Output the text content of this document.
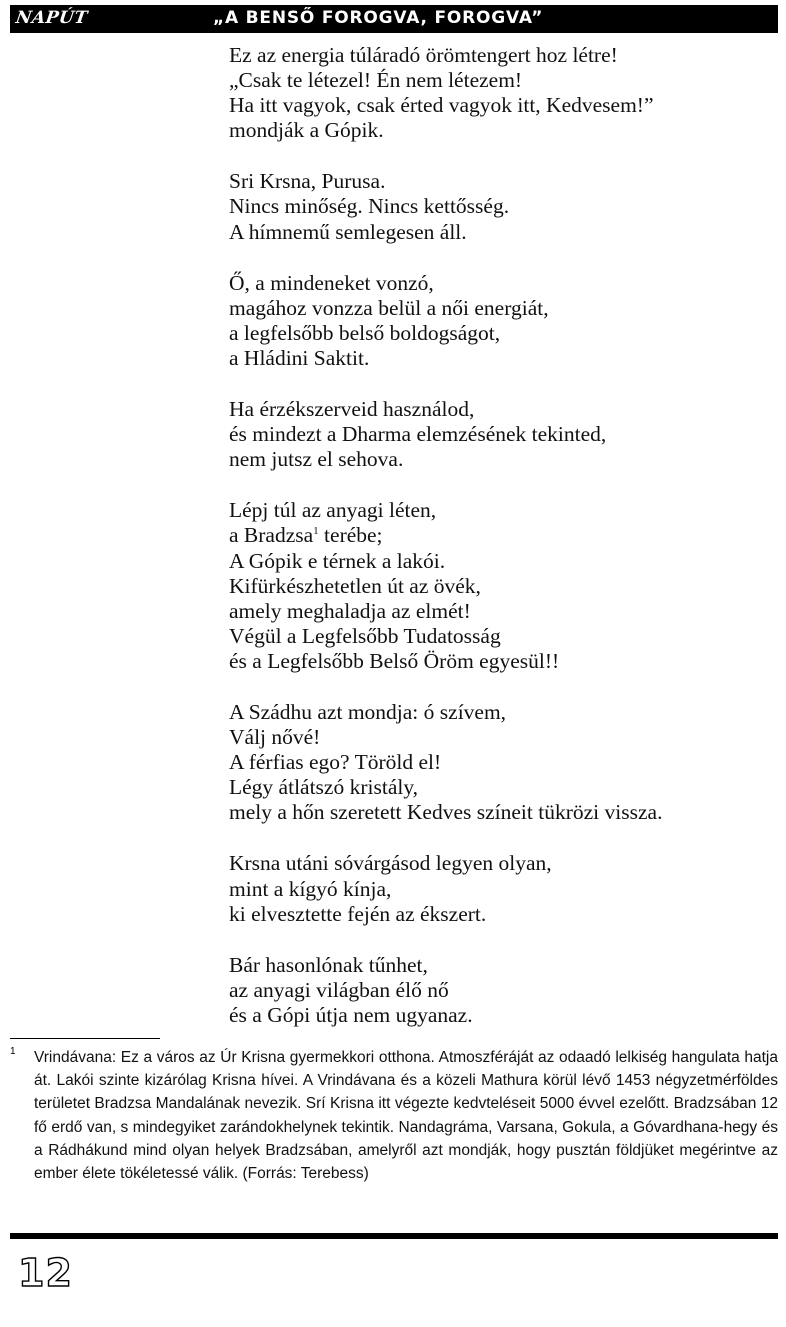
NAPÚT	„A BENSŐ FOROGVA, FOROGVA”
Ez az energia túláradó örömtengert hoz létre!
„Csak te létezel! Én nem létezem!
Ha itt vagyok, csak érted vagyok itt, Kedvesem!”
mondják a Gópik.
Sri Krsna, Purusa.
Nincs minőség. Nincs kettősség.
A hímnemű semlegesen áll.
Ő, a mindeneket vonzó,
magához vonzza belül a női energiát,
a legfelsőbb belső boldogságot,
a Hládini Saktit.
Ha érzékszerveid használod,
és mindezt a Dharma elemzésének tekinted,
nem jutsz el sehova.
Lépj túl az anyagi léten,
a Bradzsa$^1$ terébe;
A Gópik e térnek a lakói.
Kifürkészhetetlen út az övék,
amely meghaladja az elmét!
Végül a Legfelsőbb Tudatosság
és a Legfelsőbb Belső Öröm egyesül!!
A Szádhu azt mondja: ó szívem,
Válj nővé!
A férfias ego? Töröld el!
Légy átlátszó kristály,
mely a hőn szeretett Kedves színeit tükrözi vissza.
Krsna utáni sóvárgásod legyen olyan,
mint a kígyó kínja,
ki elvesztette fején az ékszert.
Bár hasonlónak tűnhet,
az anyagi világban élő nő
és a Gópi útja nem ugyanaz.
1 Vrindávana: Ez a város az Úr Krisna gyermekkori otthona. Atmoszféráját az odaadó lelkiség hangulata hatja át. Lakói szinte kizárólag Krisna hívei. A Vrindávana és a közeli Mathura körül lévő 1453 négyzetmérföldes területet Bradzsa Mandalának nevezik. Srí Krisna itt végezte kedvteléseit 5000 évvel ezelőtt. Bradzsában 12 fő erdő van, s mindegyiket zarándokhelynek tekintik. Nandagráma, Varsana, Gokula, a Góvardhana-hegy és a Rádhákund mind olyan helyek Bradzsában, amelyről azt mondják, hogy pusztán földjüket megérintve az ember élete tökéletessé válik. (Forrás: Terebess)
12
